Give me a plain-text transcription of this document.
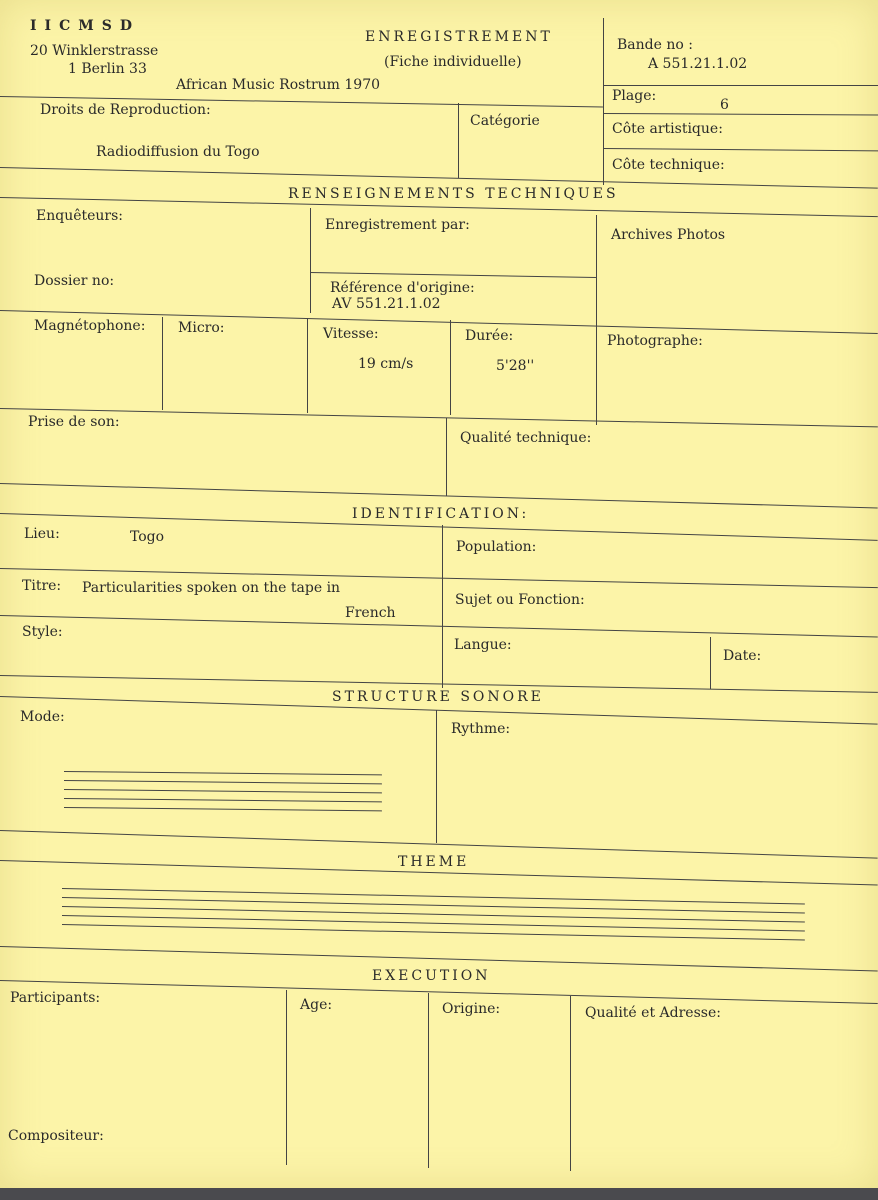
IICMSD
20 Winklerstrasse
1 Berlin 33
African Music Rostrum 1970
ENREGISTREMENT
(Fiche individuelle)
Bande no :
A 551.21.1.02
Plage:
6
Côte artistique:
Côte technique:
Droits de Reproduction:
Radiodiffusion du Togo
Catégorie
RENSEIGNEMENTS TECHNIQUES
Enquêteurs:
Enregistrement par:
Archives Photos
Dossier no:	Référence d'origine:
AV 551.21.1.02
Magnétophone: Micro:	Vitesse:
19 cm/s
Durée:
5'28''
Photographe:
Prise de son:
Qualité technique:
IDENTIFICATION:
Lieu:	Togo
Population:
Titre: Particularities spoken on the tape in
French
Sujet ou Fonction:
Style:
Langue:
Date:
STRUCTURE SONORE
Mode:
Rythme:
THEME
EXECUTION
Participants:	Age:	Origine:	Qualité et Adresse:
Compositeur:
